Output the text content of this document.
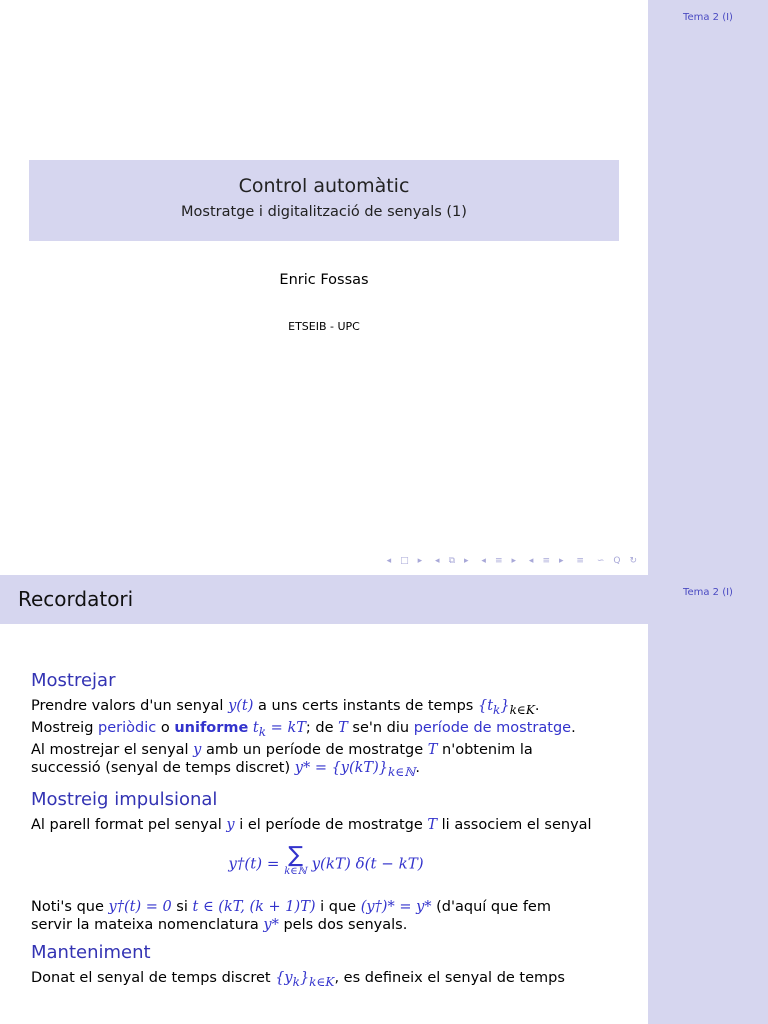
Tema 2 (I)
Control automàtic
Mostratge i digitalització de senyals (1)
Enric Fossas
ETSEIB - UPC
◂ □ ▸ ◂ ⧉ ▸ ◂ ≡ ▸ ◂ ≡ ▸ ≡ ∽ Q ↻
Tema 2 (I)
Recordatori
Mostrejar

Prendre valors d'un senyal y(t) a uns certs instants de temps $\{t_k\}_{k\in K}$.

Mostreig periòdic o uniforme $t_k$ = kT; de T se'n diu període de mostratge.

Al mostrejar el senyal y amb un període de mostratge T n'obtenim la

successió (senyal de temps discret) $y* = \{y(kT)\}_{k\in ℕ}$.

Mostreig impulsional

Al parell format pel senyal y i el període de mostratge T li associem el senyal

y†(t) = ∑
k∈ℕ y(kT) δ(t − kT)

Noti's que y†(t) = 0 si t ∈ (kT, (k + 1)T) i que (y†)* = y* (d'aquí que fem

servir la mateixa nomenclatura y* pels dos senyals.

Manteniment

Donat el senyal de temps discret $\{y_k\}_{k\in K}$, es defineix el senyal de temps
